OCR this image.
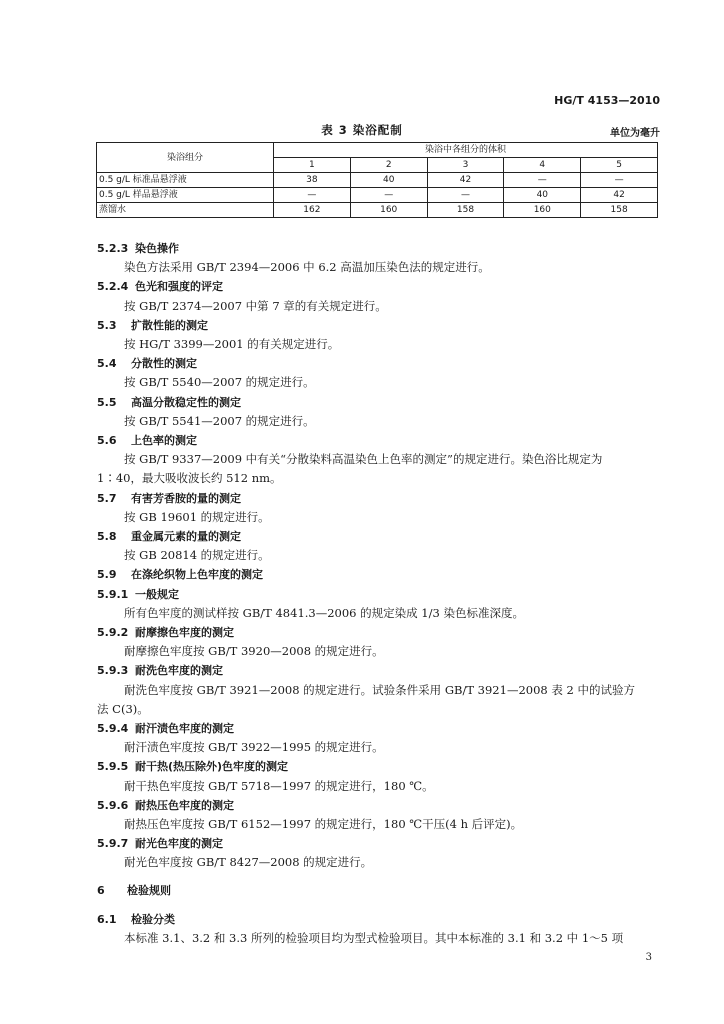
HG/T 4153—2010
表 3 染浴配制	单位为毫升
染浴组分	染浴中各组分的体积				
	1	2	3	4	5
0.5 g/L 标准品悬浮液	38	40	42	—	—
0.5 g/L 样品悬浮液	—	—	—	40	42
蒸馏水	162	160	158	160	158
5.2.3 染色操作
染色方法采用 GB/T 2394—2006 中 6.2 高温加压染色法的规定进行。
5.2.4 色光和强度的评定
按 GB/T 2374—2007 中第 7 章的有关规定进行。
5.3 扩散性能的测定
按 HG/T 3399—2001 的有关规定进行。
5.4 分散性的测定
按 GB/T 5540—2007 的规定进行。
5.5 高温分散稳定性的测定
按 GB/T 5541—2007 的规定进行。
5.6 上色率的测定
按 GB/T 9337—2009 中有关“分散染料高温染色上色率的测定”的规定进行。染色浴比规定为
1∶40，最大吸收波长约 512 nm。
5.7 有害芳香胺的量的测定
按 GB 19601 的规定进行。
5.8 重金属元素的量的测定
按 GB 20814 的规定进行。
5.9 在涤纶织物上色牢度的测定
5.9.1 一般规定
所有色牢度的测试样按 GB/T 4841.3—2006 的规定染成 1/3 染色标准深度。
5.9.2 耐摩擦色牢度的测定
耐摩擦色牢度按 GB/T 3920—2008 的规定进行。
5.9.3 耐洗色牢度的测定
耐洗色牢度按 GB/T 3921—2008 的规定进行。试验条件采用 GB/T 3921—2008 表 2 中的试验方
法 C(3)。
5.9.4 耐汗渍色牢度的测定
耐汗渍色牢度按 GB/T 3922—1995 的规定进行。
5.9.5 耐干热(热压除外)色牢度的测定
耐干热色牢度按 GB/T 5718—1997 的规定进行，180 ℃。
5.9.6 耐热压色牢度的测定
耐热压色牢度按 GB/T 6152—1997 的规定进行，180 ℃干压(4 h 后评定)。
5.9.7 耐光色牢度的测定
耐光色牢度按 GB/T 8427—2008 的规定进行。
6 检验规则
6.1 检验分类
本标准 3.1、3.2 和 3.3 所列的检验项目均为型式检验项目。其中本标准的 3.1 和 3.2 中 1～5 项
3
